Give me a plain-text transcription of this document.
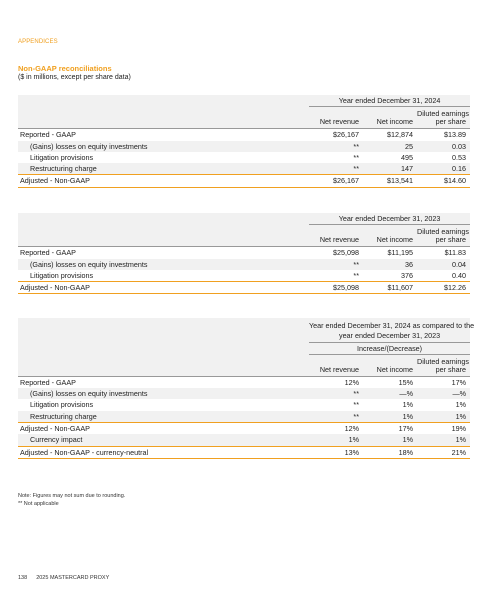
APPENDICES
Non-GAAP reconciliations
($ in millions, except per share data)
	Year ended December 31, 2024		
	Net revenue	Net income	Diluted earnings
per share
Reported - GAAP	$26,167	$12,874	$13.89
(Gains) losses on equity investments	**	25	0.03
Litigation provisions	**	495	0.53
Restructuring charge	**	147	0.16
Adjusted - Non-GAAP	$26,167	$13,541	$14.60
	Year ended December 31, 2023		
	Net revenue	Net income	Diluted earnings
per share
Reported - GAAP	$25,098	$11,195	$11.83
(Gains) losses on equity investments	**	36	0.04
Litigation provisions	**	376	0.40
Adjusted - Non-GAAP	$25,098	$11,607	$12.26
	Year ended December 31, 2024 as compared to the
year ended December 31, 2023		
	Increase/(Decrease)		
	Net revenue	Net income	Diluted earnings
per share
Reported - GAAP	12%	15%	17%
(Gains) losses on equity investments	**	—%	—%
Litigation provisions	**	1%	1%
Restructuring charge	**	1%	1%
Adjusted - Non-GAAP	12%	17%	19%
Currency impact	1%	1%	1%
Adjusted - Non-GAAP - currency-neutral	13%	18%	21%
Note: Figures may not sum due to rounding.
** Not applicable
138 2025 MASTERCARD PROXY
